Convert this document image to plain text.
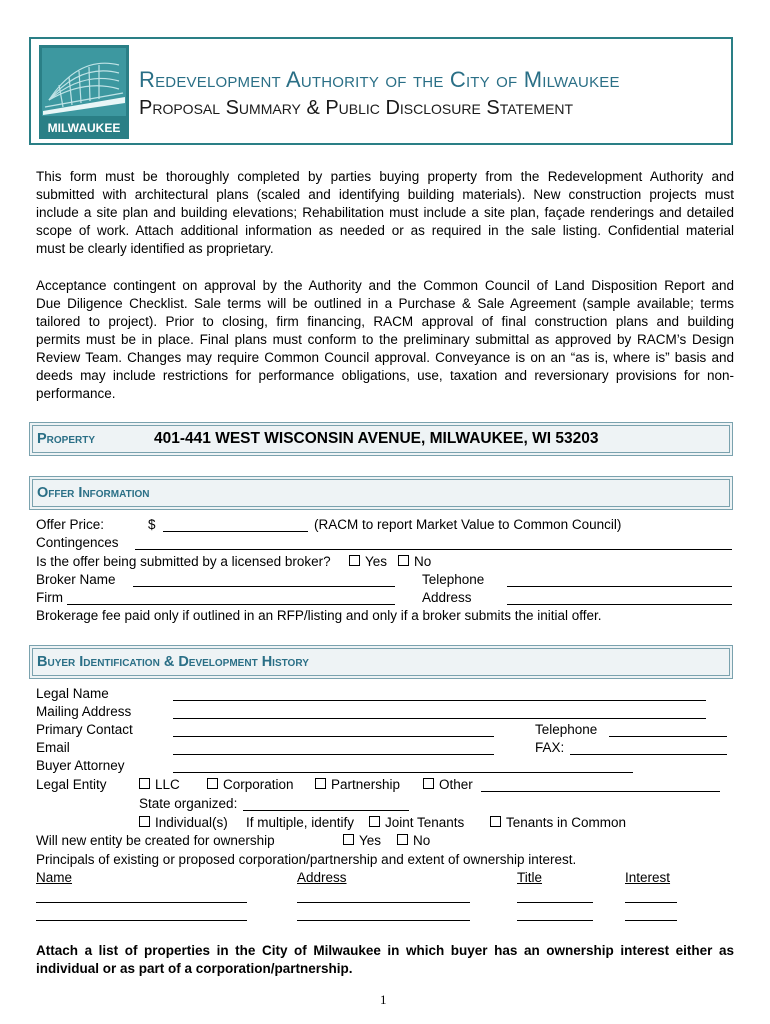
MILWAUKEE
Redevelopment Authority of the City of Milwaukee
Proposal Summary & Public Disclosure Statement
This form must be thoroughly completed by parties buying property from the Redevelopment Authority and
submitted with architectural plans (scaled and identifying building materials). New construction projects must
include a site plan and building elevations; Rehabilitation must include a site plan, façade renderings and detailed
scope of work. Attach additional information as needed or as required in the sale listing. Confidential material
must be clearly identified as proprietary.
Acceptance contingent on approval by the Authority and the Common Council of Land Disposition Report and
Due Diligence Checklist. Sale terms will be outlined in a Purchase & Sale Agreement (sample available; terms
tailored to project). Prior to closing, firm financing, RACM approval of final construction plans and building
permits must be in place. Final plans must conform to the preliminary submittal as approved by RACM’s Design
Review Team. Changes may require Common Council approval. Conveyance is on an “as is, where is” basis and
deeds may include restrictions for performance obligations, use, taxation and reversionary provisions for non-
performance.
Property	401-441 WEST WISCONSIN AVENUE, MILWAUKEE, WI 53203
Offer Information
Offer Price:	$	(RACM to report Market Value to Common Council)
Contingences
Is the offer being submitted by a licensed broker?	Yes	No
Broker Name	Telephone
Firm	Address
Brokerage fee paid only if outlined in an RFP/listing and only if a broker submits the initial offer.
Buyer Identification & Development History
Legal Name
Mailing Address
Primary Contact	Telephone
Email	FAX:
Buyer Attorney
Legal Entity	LLC	Corporation	Partnership	Other
State organized:
Individual(s) If multiple, identify	Joint Tenants	Tenants in Common
Will new entity be created for ownership	Yes	No
Principals of existing or proposed corporation/partnership and extent of ownership interest.
Name	Address	Title	Interest
Attach a list of properties in the City of Milwaukee in which buyer has an ownership interest either as
individual or as part of a corporation/partnership.
1
